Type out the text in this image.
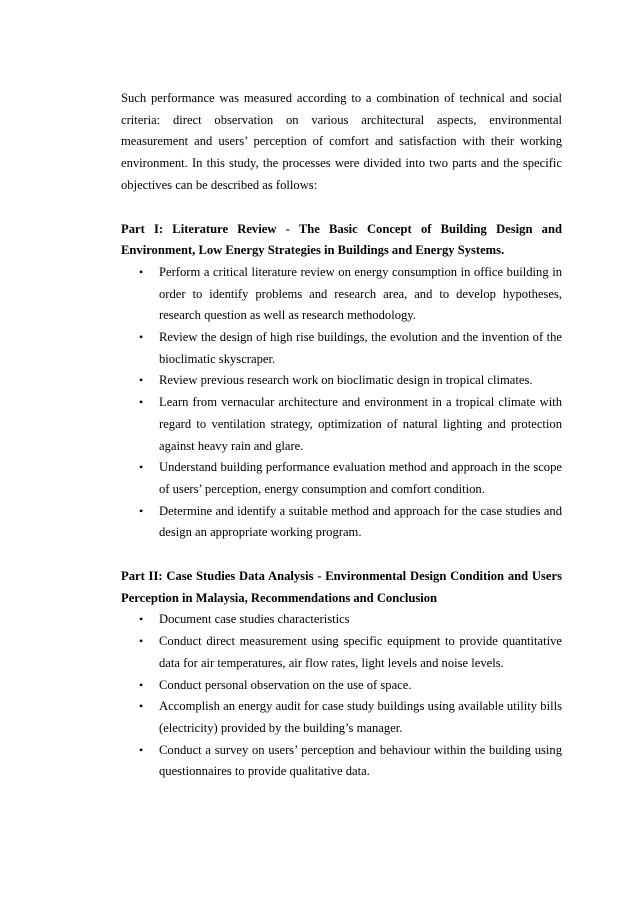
Such performance was measured according to a combination of technical and social criteria: direct observation on various architectural aspects, environmental measurement and users’ perception of comfort and satisfaction with their working environment. In this study, the processes were divided into two parts and the specific objectives can be described as follows:

Part I: Literature Review - The Basic Concept of Building Design and Environment, Low Energy Strategies in Buildings and Energy Systems.

• Perform a critical literature review on energy consumption in office building in order to identify problems and research area, and to develop hypotheses, research question as well as research methodology.
• Review the design of high rise buildings, the evolution and the invention of the bioclimatic skyscraper.
• Review previous research work on bioclimatic design in tropical climates.
• Learn from vernacular architecture and environment in a tropical climate with regard to ventilation strategy, optimization of natural lighting and protection against heavy rain and glare.
• Understand building performance evaluation method and approach in the scope of users’ perception, energy consumption and comfort condition.
• Determine and identify a suitable method and approach for the case studies and design an appropriate working program.

Part II: Case Studies Data Analysis - Environmental Design Condition and Users Perception in Malaysia, Recommendations and Conclusion

• Document case studies characteristics
• Conduct direct measurement using specific equipment to provide quantitative data for air temperatures, air flow rates, light levels and noise levels.
• Conduct personal observation on the use of space.
• Accomplish an energy audit for case study buildings using available utility bills (electricity) provided by the building’s manager.
• Conduct a survey on users’ perception and behaviour within the building using questionnaires to provide qualitative data.
